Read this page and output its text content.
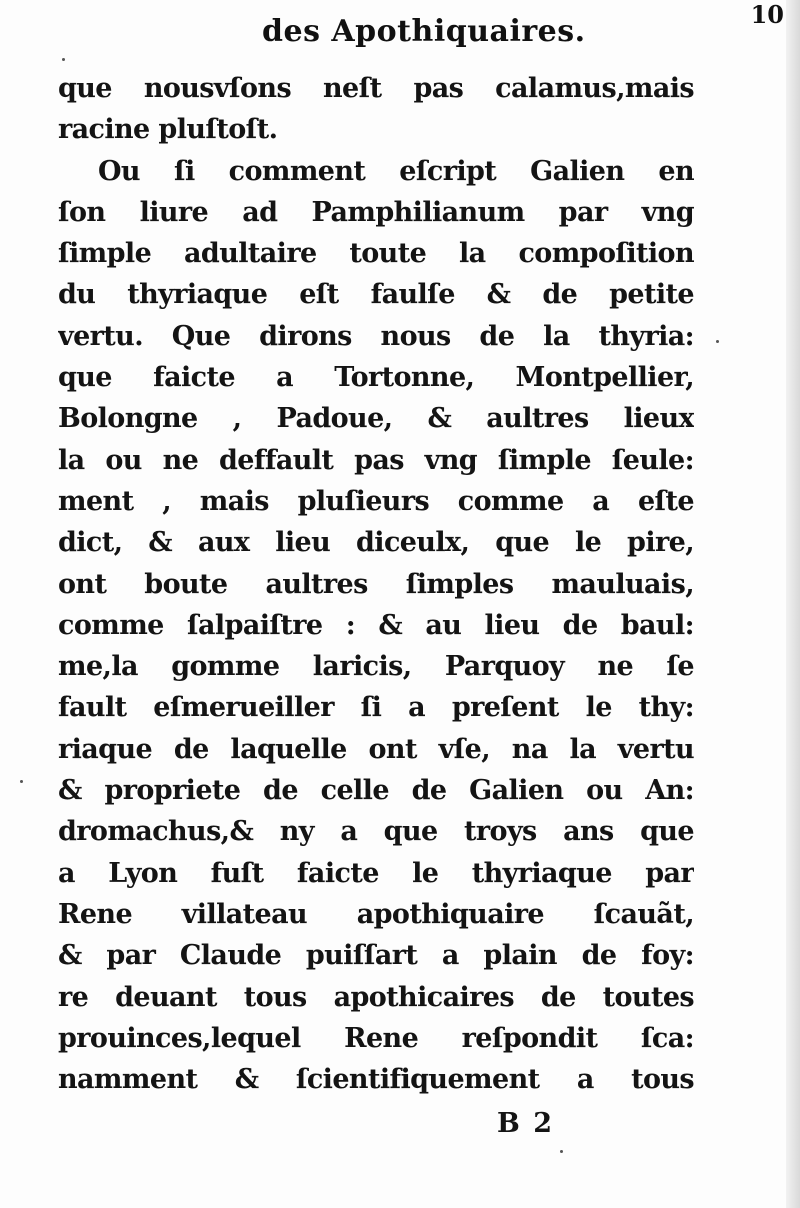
des Apothiquaires.	10
que nousvſons neſt pas calamus,mais
racine pluſtoſt.
Ou ſi comment eſcript Galien en
ſon liure ad Pamphilianum par vng
ſimple adultaire toute la compoſition
du thyriaque eſt faulſe & de petite
vertu. Que dirons nous de la thyria:
que faicte a Tortonne, Montpellier,
Bolongne , Padoue, & aultres lieux
la ou ne deffault pas vng ſimple ſeule:
ment , mais pluſieurs comme a eſte
dict, & aux lieu diceulx, que le pire,
ont boute aultres ſimples mauluais,
comme ſalpaiſtre : & au lieu de baul:
me,la gomme laricis, Parquoy ne ſe
fault eſmerueiller ſi a preſent le thy:
riaque de laquelle ont vſe, na la vertu
& propriete de celle de Galien ou An:
dromachus,& ny a que troys ans que
a Lyon fuſt faicte le thyriaque par
Rene villateau apothiquaire ſcauãt,
& par Claude puiſſart a plain de foy:
re deuant tous apothicaires de toutes
prouinces,lequel Rene reſpondit ſca:
namment & ſcientifiquement a tous
B 2
